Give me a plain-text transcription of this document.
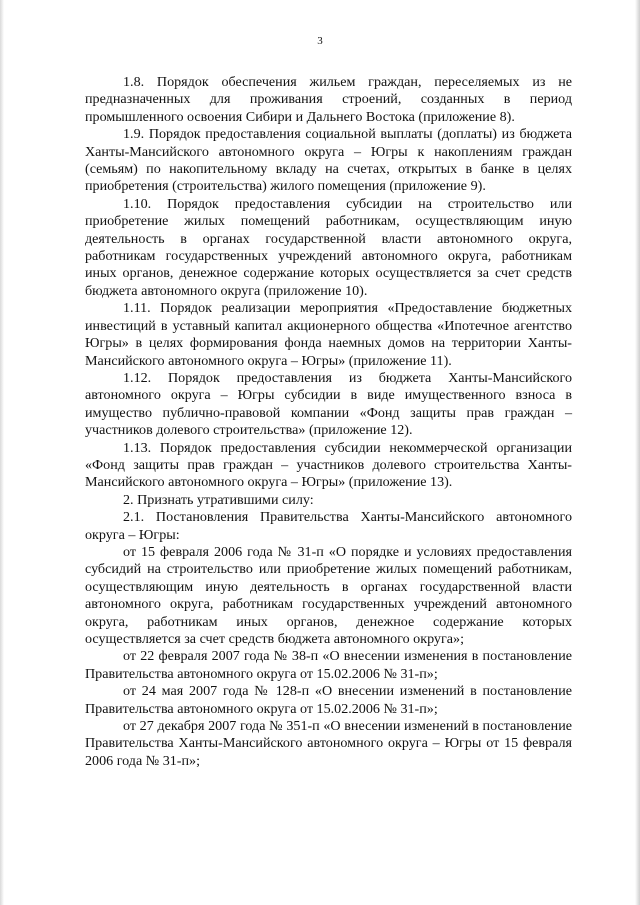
3

1.8. Порядок обеспечения жильем граждан, переселяемых из не предназначенных для проживания строений, созданных в период промышленного освоения Сибири и Дальнего Востока (приложение 8).

1.9. Порядок предоставления социальной выплаты (доплаты) из бюджета Ханты-Мансийского автономного округа – Югры к накоплениям граждан (семьям) по накопительному вкладу на счетах, открытых в банке в целях приобретения (строительства) жилого помещения (приложение 9).

1.10. Порядок предоставления субсидии на строительство или приобретение жилых помещений работникам, осуществляющим иную деятельность в органах государственной власти автономного округа, работникам государственных учреждений автономного округа, работникам иных органов, денежное содержание которых осуществляется за счет средств бюджета автономного округа (приложение 10).

1.11. Порядок реализации мероприятия «Предоставление бюджетных инвестиций в уставный капитал акционерного общества «Ипотечное агентство Югры» в целях формирования фонда наемных домов на территории Ханты-Мансийского автономного округа – Югры» (приложение 11).

1.12. Порядок предоставления из бюджета Ханты-Мансийского автономного округа – Югры субсидии в виде имущественного взноса в имущество публично-правовой компании «Фонд защиты прав граждан – участников долевого строительства» (приложение 12).

1.13. Порядок предоставления субсидии некоммерческой организации «Фонд защиты прав граждан – участников долевого строительства Ханты-Мансийского автономного округа – Югры» (приложение 13).

2. Признать утратившими силу:

2.1. Постановления Правительства Ханты-Мансийского автономного округа – Югры:

от 15 февраля 2006 года № 31-п «О порядке и условиях предоставления субсидий на строительство или приобретение жилых помещений работникам, осуществляющим иную деятельность в органах государственной власти автономного округа, работникам государственных учреждений автономного округа, работникам иных органов, денежное содержание которых осуществляется за счет средств бюджета автономного округа»;

от 22 февраля 2007 года № 38-п «О внесении изменения в постановление Правительства автономного округа от 15.02.2006 № 31-п»;

от 24 мая 2007 года № 128-п «О внесении изменений в постановление Правительства автономного округа от 15.02.2006 № 31-п»;

от 27 декабря 2007 года № 351-п «О внесении изменений в постановление Правительства Ханты-Мансийского автономного округа – Югры от 15 февраля 2006 года № 31-п»;
